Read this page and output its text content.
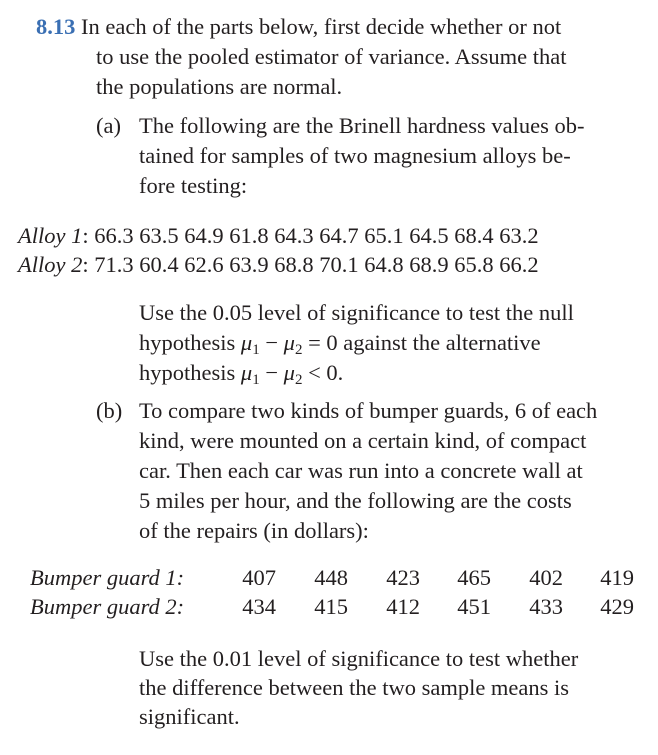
8.13 In each of the parts below, first decide whether or not
to use the pooled estimator of variance. Assume that
the populations are normal.
(a) The following are the Brinell hardness values ob-
tained for samples of two magnesium alloys be-
fore testing:
Alloy 1: 66.3 63.5 64.9 61.8 64.3 64.7 65.1 64.5 68.4 63.2
Alloy 2: 71.3 60.4 62.6 63.9 68.8 70.1 64.8 68.9 65.8 66.2
Use the 0.05 level of significance to test the null
hypothesis $\mu_1 - \mu_2 = 0$ against the alternative
hypothesis $\mu_1 - \mu_2 < 0$.
(b) To compare two kinds of bumper guards, 6 of each
kind, were mounted on a certain kind, of compact
car. Then each car was run into a concrete wall at
5 miles per hour, and the following are the costs
of the repairs (in dollars):
Bumper guard 1:	407	448	423	465	402	419
Bumper guard 2:	434	415	412	451	433	429
Use the 0.01 level of significance to test whether
the difference between the two sample means is
significant.
